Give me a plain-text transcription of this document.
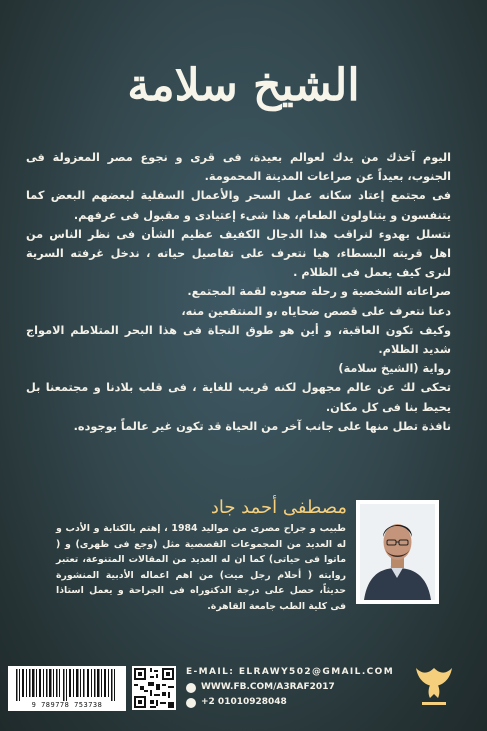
الشيخ سلامة

اليوم آخذك من يدك لعوالم بعيدة، فى قرى و نجوع مصر المعزولة فى الجنوب، بعيداً عن صراعات المدينة المحمومة.

فى مجتمع إعتاد سكانه عمل السحر والأعمال السفلية لبعضهم البعض كما يتنفسون و يتناولون الطعام، هذا شىء إعتيادى و مقبول فى عرفهم.

نتسلل بهدوء لنراقب هذا الدجال الكفيف عظيم الشأن فى نظر الناس من اهل قريته البسطاء، هيا نتعرف على تفاصيل حياته ، ندخل غرفته السرية لنرى كيف يعمل فى الظلام .

صراعاته الشخصية و رحلة صعوده لقمة المجتمع.

دعنا نتعرف على قصص ضحاياه ،و المنتفعين منه،

وكيف تكون العاقبة، و أين هو طوق النجاة فى هذا البحر المتلاطم الامواج شديد الظلام.

رواية (الشيخ سلامة)

تحكى لك عن عالم مجهول لكنه قريب للغاية ، فى قلب بلادنا و مجتمعنا بل يحيط بنا فى كل مكان.

نافذة تطل منها على جانب آخر من الحياة قد تكون غير عالماً بوجوده.

مصطفى أحمد جاد
طبيب و جراح مصرى من مواليد 1984 ، إهتم بالكتابة و الأدب و له العديد من المجموعات القصصية مثل (وجع فى ظهرى) و ( ماتوا فى حياتى) كما ان له العديد من المقالات المتنوعة، تعتبر روايته ( أحلام رجل ميت) من اهم اعماله الأدبية المنشورة حديثاً، حصل على درجة الدكتوراه فى الجراحة و يعمل استاذا فى كلية الطب جامعة القاهرة.
9 789778 753738
E-MAIL: ELRAWY502@GMAIL.COM
WWW.FB.COM/A3RAF2017
+2 01010928048
